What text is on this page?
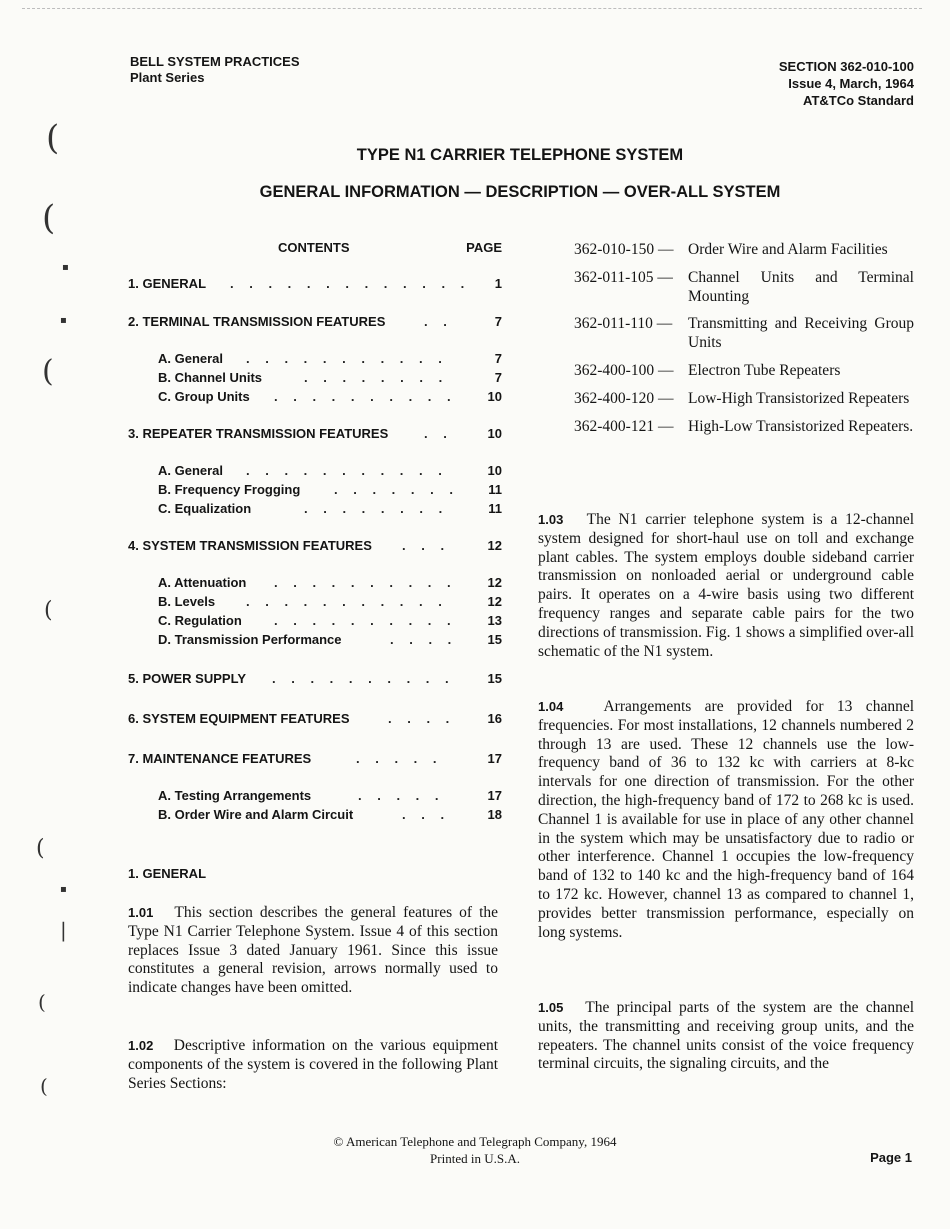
(
(
(
(
(
(
(
▪
▪
▪
|
BELL SYSTEM PRACTICES
Plant Series
SECTION 362-010-100
Issue 4, March, 1964
AT&TCo Standard
TYPE N1 CARRIER TELEPHONE SYSTEM
GENERAL INFORMATION — DESCRIPTION — OVER-ALL SYSTEM
CONTENTS	PAGE
1. GENERAL . . . . . . . . . . . . . 1
2. TERMINAL TRANSMISSION FEATURES	. .	7
A. General . . . . . . . . . . .	7
B. Channel Units	. . . . . . . .	7
C. Group Units . . . . . . . . . . 10
3. REPEATER TRANSMISSION FEATURES	. .	10
A. General . . . . . . . . . . .	10
B. Frequency Frogging	. . . . . . . 11
C. Equalization	. . . . . . . .	11
4. SYSTEM TRANSMISSION FEATURES . . .	12
A. Attenuation . . . . . . . . . . 12
B. Levels . . . . . . . . . . .	12
C. Regulation . . . . . . . . . . 13
D. Transmission Performance	. . . . 15
5. POWER SUPPLY . . . . . . . . . .	15
6. SYSTEM EQUIPMENT FEATURES	. . . . 16
7. MAINTENANCE FEATURES	. . . . .	17
A. Testing Arrangements	. . . . .	17
B. Order Wire and Alarm Circuit	. . .	18
1. GENERAL

1.01 This section describes the general features of the Type N1 Carrier Telephone System. Issue 4 of this section replaces Issue 3 dated January 1961. Since this issue constitutes a general revision, arrows normally used to indicate changes have been omitted.

1.02 Descriptive information on the various equipment components of the system is covered in the following Plant Series Sections:

362-010-150 — Order Wire and Alarm Facilities
362-011-105 — Channel Units and Terminal Mounting
362-011-110 — Transmitting and Receiving Group Units
362-400-100 — Electron Tube Repeaters
362-400-120 — Low-High Transistorized Repeaters
362-400-121 — High-Low Transistorized Repeaters.

1.03 The N1 carrier telephone system is a 12-channel system designed for short-haul use on toll and exchange plant cables. The system employs double sideband carrier transmission on nonloaded aerial or underground cable pairs. It operates on a 4-wire basis using two different frequency ranges and separate cable pairs for the two directions of transmission. Fig. 1 shows a simplified over-all schematic of the N1 system.

1.04	Arrangements are provided for 13 channel frequencies. For most installations, 12 channels numbered 2 through 13 are used. These 12 channels use the low-frequency band of 36 to 132 kc with carriers at 8-kc intervals for one direction of transmission. For the other direction, the high-frequency band of 172 to 268 kc is used. Channel 1 is available for use in place of any other channel in the system which may be unsatisfactory due to radio or other interference. Channel 1 occupies the low-frequency band of 132 to 140 kc and the high-frequency band of 164 to 172 kc. However, channel 13 as compared to channel 1, provides better transmission performance, especially on long systems.

1.05 The principal parts of the system are the channel units, the transmitting and receiving group units, and the repeaters. The channel units consist of the voice frequency terminal circuits, the signaling circuits, and the

© American Telephone and Telegraph Company, 1964
Printed in U.S.A.	Page 1
